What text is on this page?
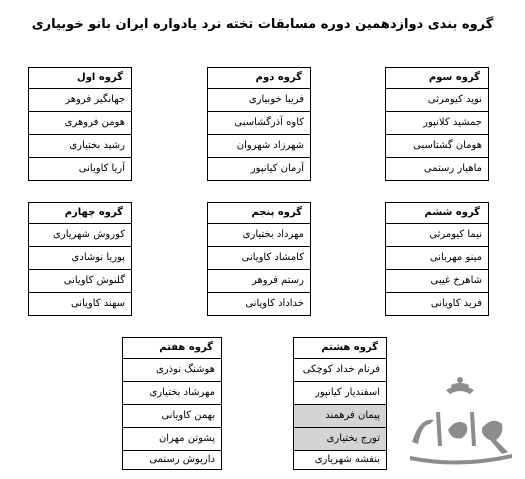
گروه بندی دوازدهمین دوره مسابقات تخته نرد یادواره ایران بانو خوبیاری
گروه اول
جهانگیر فروهر
هومن فروهری
رشید بختیاری
آریا کاویانی
گروه دوم
فریبا خوبیاری
کاوه آذرگشاسبی
شهرزاد شهروان
آرمان کیانپور
گروه سوم
نوید کیومرثی
جمشید کلانپور
هومان گشتاسبی
ماهیار رستمی
گروه چهارم
کوروش شهریاری
پوریا نوشادی
گلنوش کاویانی
سهند کاویانی
گروه پنجم
مهرداد بختیاری
کامشاد کاویانی
رستم فروهر
خداداد کاویانی
گروه ششم
نیما کیومرثی
مینو مهربانی
شاهرخ غیبی
فرید کاویانی
گروه هفتم
هوشنگ نوذری
مهرشاد بختیاری
بهمن کاویانی
پشوتن مهران
داریوش رستمی
گروه هشتم
فرنام خداد کوچکی
اسفندیار کیانپور
پیمان فرهمند
تورج بختیاری
بنفشه شهریاری
